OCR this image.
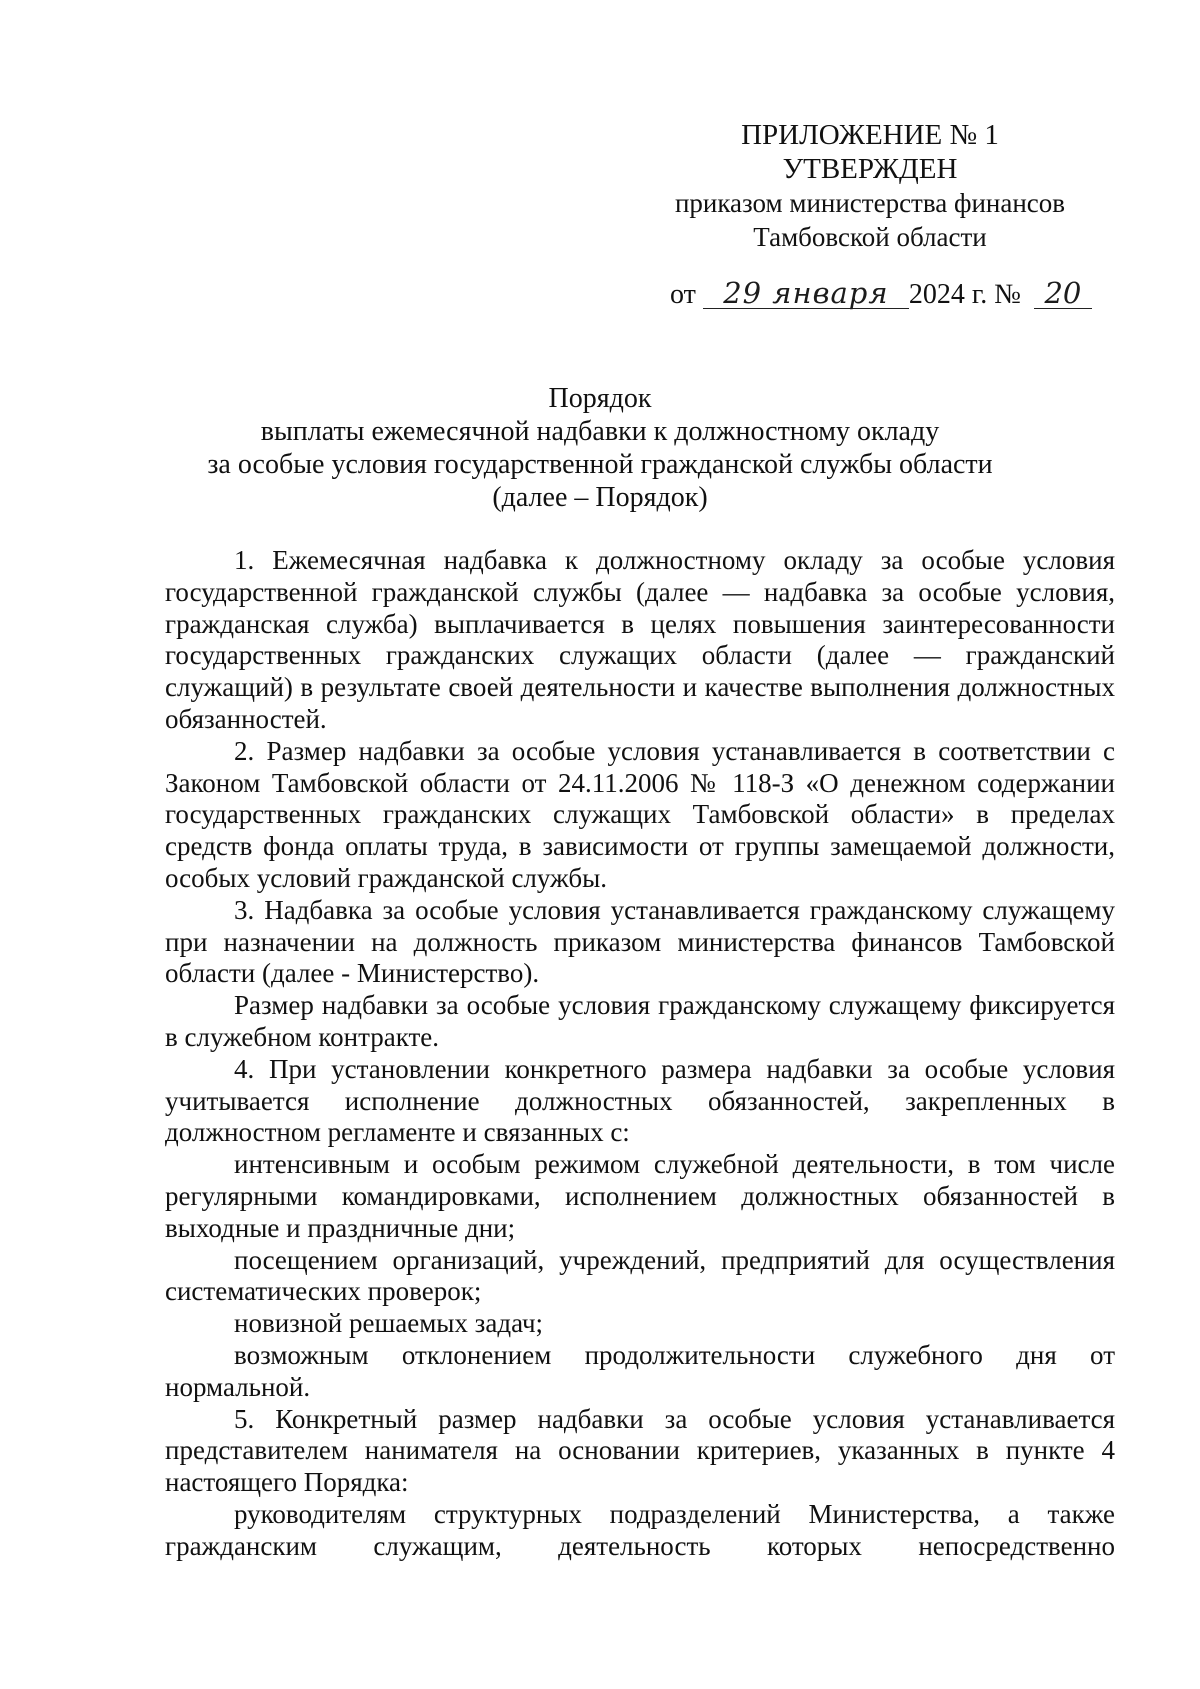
ПРИЛОЖЕНИЕ № 1
УТВЕРЖДЕН
приказом министерства финансов
Тамбовской области
от 29 января 2024 г. № 20
Порядок
выплаты ежемесячной надбавки к должностному окладу
за особые условия государственной гражданской службы области
(далее – Порядок)

1. Ежемесячная надбавка к должностному окладу за особые условия государственной гражданской службы (далее — надбавка за особые условия, гражданская служба) выплачивается в целях повышения заинтересованности государственных гражданских служащих области (далее — гражданский служащий) в результате своей деятельности и качестве выполнения должностных обязанностей.

2. Размер надбавки за особые условия устанавливается в соответствии с Законом Тамбовской области от 24.11.2006 № 118-З «О денежном содержании государственных гражданских служащих Тамбовской области» в пределах средств фонда оплаты труда, в зависимости от группы замещаемой должности, особых условий гражданской службы.

3. Надбавка за особые условия устанавливается гражданскому служащему при назначении на должность приказом министерства финансов Тамбовской области (далее - Министерство).

Размер надбавки за особые условия гражданскому служащему фиксируется в служебном контракте.

4. При установлении конкретного размера надбавки за особые условия учитывается исполнение должностных обязанностей, закрепленных в должностном регламенте и связанных с:

интенсивным и особым режимом служебной деятельности, в том числе регулярными командировками, исполнением должностных обязанностей в выходные и праздничные дни;

посещением организаций, учреждений, предприятий для осуществления систематических проверок;

новизной решаемых задач;

возможным отклонением продолжительности служебного дня от нормальной.

5. Конкретный размер надбавки за особые условия устанавливается представителем нанимателя на основании критериев, указанных в пункте 4 настоящего Порядка:

руководителям структурных подразделений Министерства, а также гражданским служащим, деятельность которых непосредственно
